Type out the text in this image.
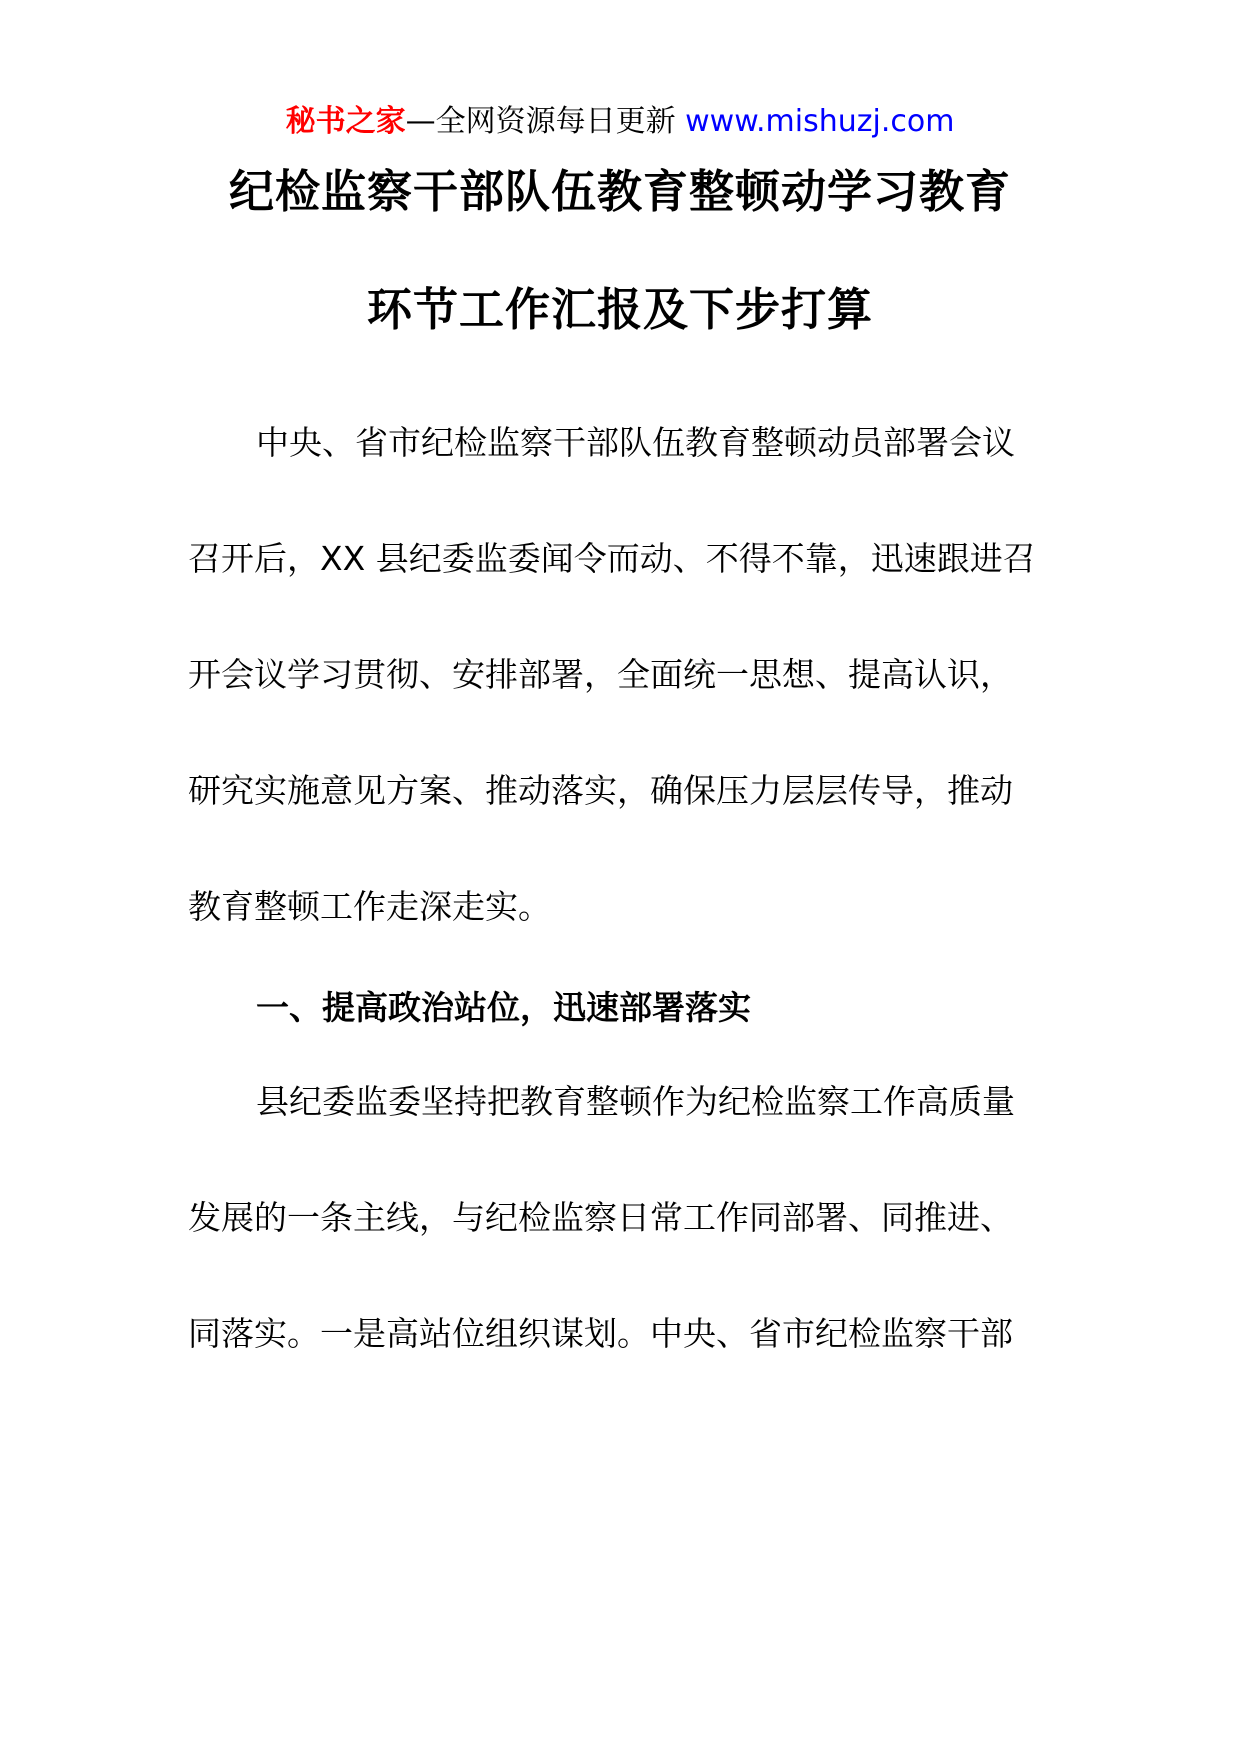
秘书之家—全网资源每日更新 www.mishuzj.com
纪检监察干部队伍教育整顿动学习教育
环节工作汇报及下步打算
中央、省市纪检监察干部队伍教育整顿动员部署会议
召开后，XX 县纪委监委闻令而动、不得不靠，迅速跟进召
开会议学习贯彻、安排部署，全面统一思想、提高认识，
研究实施意见方案、推动落实，确保压力层层传导，推动
教育整顿工作走深走实。
一、提高政治站位，迅速部署落实
县纪委监委坚持把教育整顿作为纪检监察工作高质量
发展的一条主线，与纪检监察日常工作同部署、同推进、
同落实。一是高站位组织谋划。中央、省市纪检监察干部
